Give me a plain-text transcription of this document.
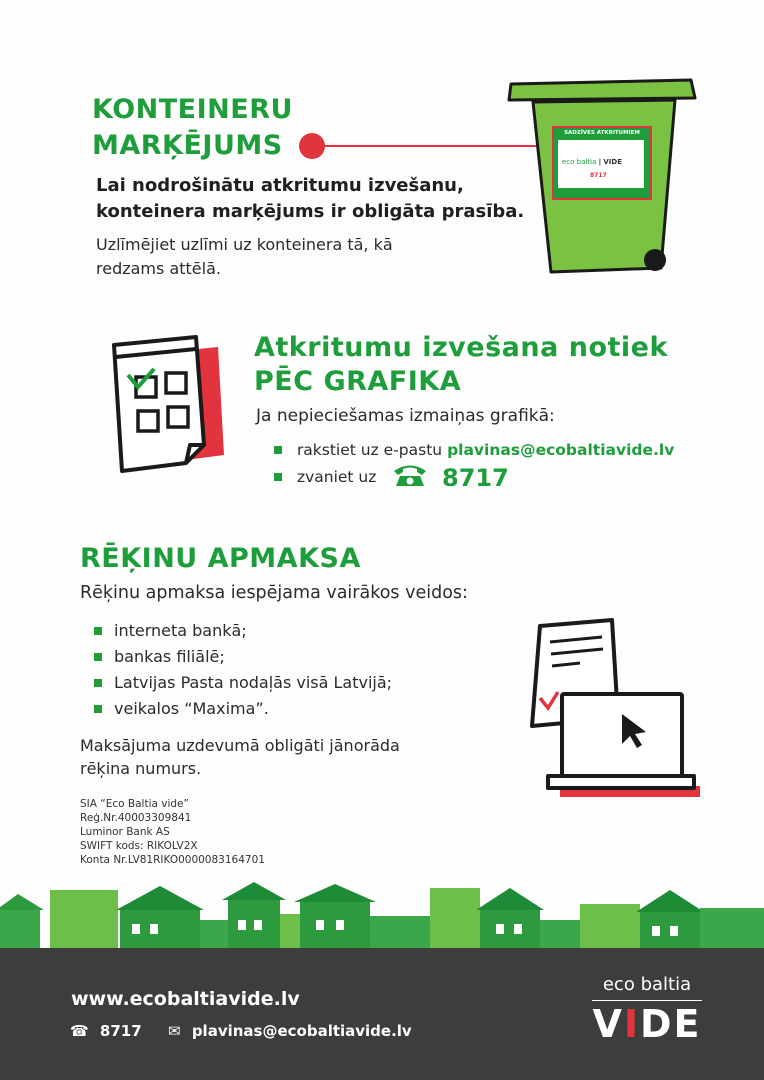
KONTEINERU
MARĶĒJUMS
Lai nodrošinātu atkritumu izvešanu,
konteinera marķējums ir obligāta prasība.
Uzlīmējiet uzlīmi uz konteinera tā, kā
redzams attēlā.
SADZĪVES ATKRITUMIEM
eco baltia | VIDE
8717
Atkritumu izvešana notiek
PĒC GRAFIKA
Ja nepieciešamas izmaiņas grafikā:
rakstiet uz e-pastu plavinas@ecobaltiavide.lv
zvaniet uz	8717
RĒĶINU APMAKSA
Rēķinu apmaksa iespējama vairākos veidos:
interneta bankā;
bankas filiālē;
Latvijas Pasta nodaļās visā Latvijā;
veikalos “Maxima”.
Maksājuma uzdevumā obligāti jānorāda
rēķina numurs.
SIA “Eco Baltia vide”
Reģ.Nr.40003309841
Luminor Bank AS
SWIFT kods: RIKOLV2X
Konta Nr.LV81RIKO0000083164701
www.ecobaltiavide.lv
☎ 8717 ✉ plavinas@ecobaltiavide.lv
eco baltia
VIDE
